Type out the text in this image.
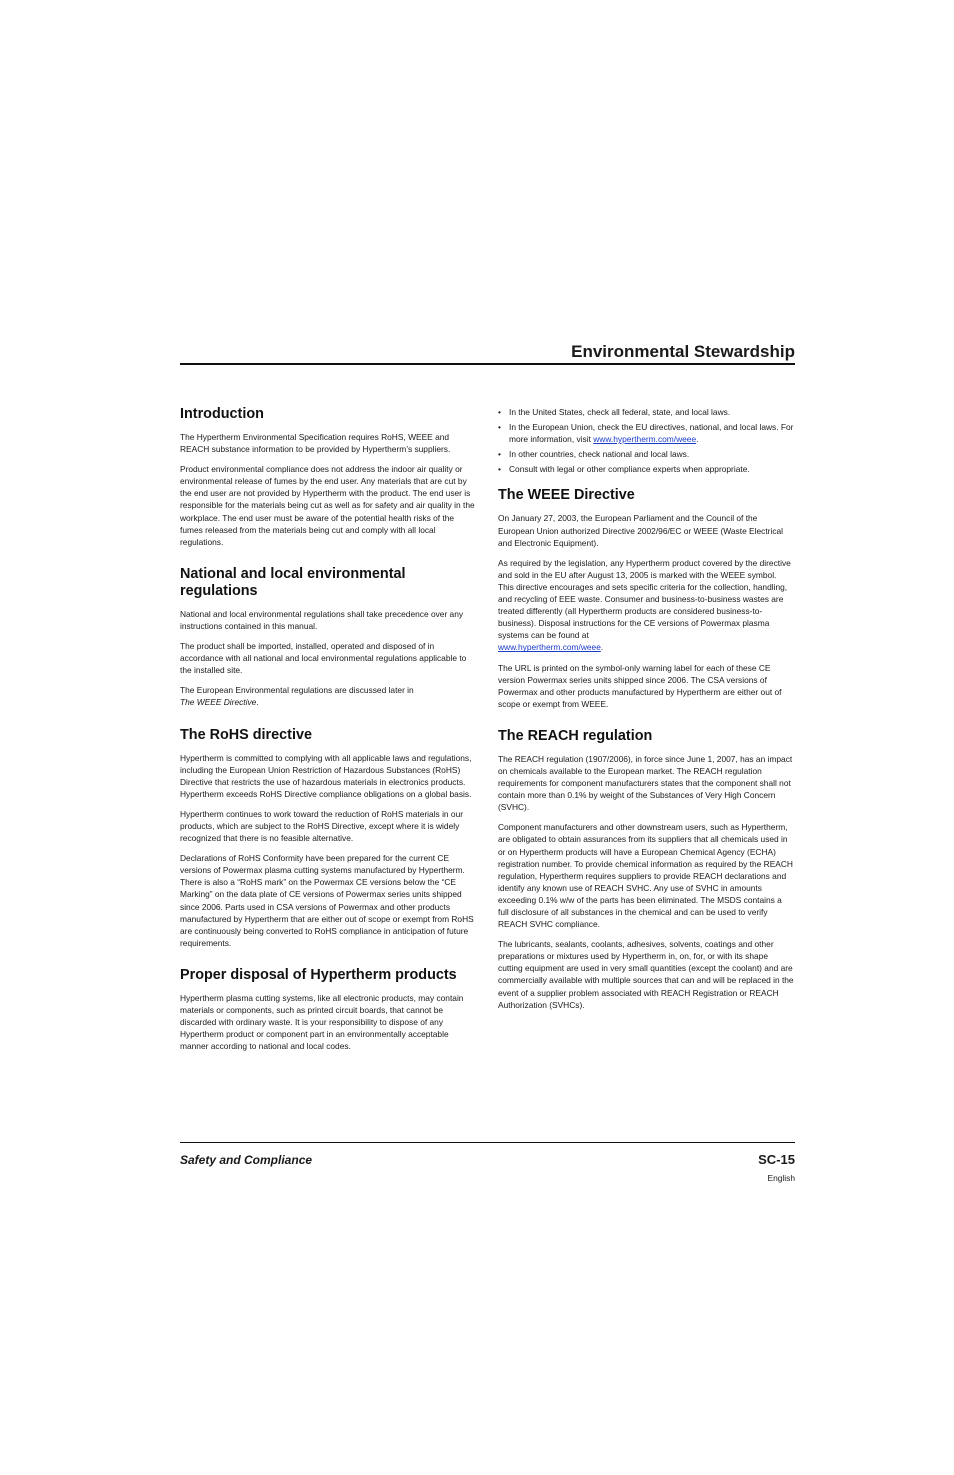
Environmental Stewardship
Introduction

The Hypertherm Environmental Specification requires RoHS, WEEE and REACH substance information to be provided by Hypertherm’s suppliers.

Product environmental compliance does not address the indoor air quality or environmental release of fumes by the end user. Any materials that are cut by the end user are not provided by Hypertherm with the product. The end user is responsible for the materials being cut as well as for safety and air quality in the workplace. The end user must be aware of the potential health risks of the fumes released from the materials being cut and comply with all local regulations.

National and local environmental regulations

National and local environmental regulations shall take precedence over any instructions contained in this manual.

The product shall be imported, installed, operated and disposed of in accordance with all national and local environmental regulations applicable to the installed site.

The European Environmental regulations are discussed later in
The WEEE Directive.

The RoHS directive

Hypertherm is committed to complying with all applicable laws and regulations, including the European Union Restriction of Hazardous Substances (RoHS) Directive that restricts the use of hazardous materials in electronics products. Hypertherm exceeds RoHS Directive compliance obligations on a global basis.

Hypertherm continues to work toward the reduction of RoHS materials in our products, which are subject to the RoHS Directive, except where it is widely recognized that there is no feasible alternative.

Declarations of RoHS Conformity have been prepared for the current CE versions of Powermax plasma cutting systems manufactured by Hypertherm. There is also a “RoHS mark” on the Powermax CE versions below the “CE Marking” on the data plate of CE versions of Powermax series units shipped since 2006. Parts used in CSA versions of Powermax and other products manufactured by Hypertherm that are either out of scope or exempt from RoHS are continuously being converted to RoHS compliance in anticipation of future requirements.

Proper disposal of Hypertherm products

Hypertherm plasma cutting systems, like all electronic products, may contain materials or components, such as printed circuit boards, that cannot be discarded with ordinary waste. It is your responsibility to dispose of any Hypertherm product or component part in an environmentally acceptable manner according to national and local codes.

• In the United States, check all federal, state, and local laws.
• In the European Union, check the EU directives, national, and local laws. For more information, visit www.hypertherm.com/weee.
• In other countries, check national and local laws.
• Consult with legal or other compliance experts when appropriate.
The WEEE Directive

On January 27, 2003, the European Parliament and the Council of the European Union authorized Directive 2002/96/EC or WEEE (Waste Electrical and Electronic Equipment).

As required by the legislation, any Hypertherm product covered by the directive and sold in the EU after August 13, 2005 is marked with the WEEE symbol. This directive encourages and sets specific criteria for the collection, handling, and recycling of EEE waste. Consumer and business-to-business wastes are treated differently (all Hypertherm products are considered business-to-business). Disposal instructions for the CE versions of Powermax plasma systems can be found at
www.hypertherm.com/weee.

The URL is printed on the symbol-only warning label for each of these CE version Powermax series units shipped since 2006. The CSA versions of Powermax and other products manufactured by Hypertherm are either out of scope or exempt from WEEE.

The REACH regulation

The REACH regulation (1907/2006), in force since June 1, 2007, has an impact on chemicals available to the European market. The REACH regulation requirements for component manufacturers states that the component shall not contain more than 0.1% by weight of the Substances of Very High Concern (SVHC).

Component manufacturers and other downstream users, such as Hypertherm, are obligated to obtain assurances from its suppliers that all chemicals used in or on Hypertherm products will have a European Chemical Agency (ECHA) registration number. To provide chemical information as required by the REACH regulation, Hypertherm requires suppliers to provide REACH declarations and identify any known use of REACH SVHC. Any use of SVHC in amounts exceeding 0.1% w/w of the parts has been eliminated. The MSDS contains a full disclosure of all substances in the chemical and can be used to verify REACH SVHC compliance.

The lubricants, sealants, coolants, adhesives, solvents, coatings and other preparations or mixtures used by Hypertherm in, on, for, or with its shape cutting equipment are used in very small quantities (except the coolant) and are commercially available with multiple sources that can and will be replaced in the event of a supplier problem associated with REACH Registration or REACH Authorization (SVHCs).

Safety and Compliance	SC-15
English
